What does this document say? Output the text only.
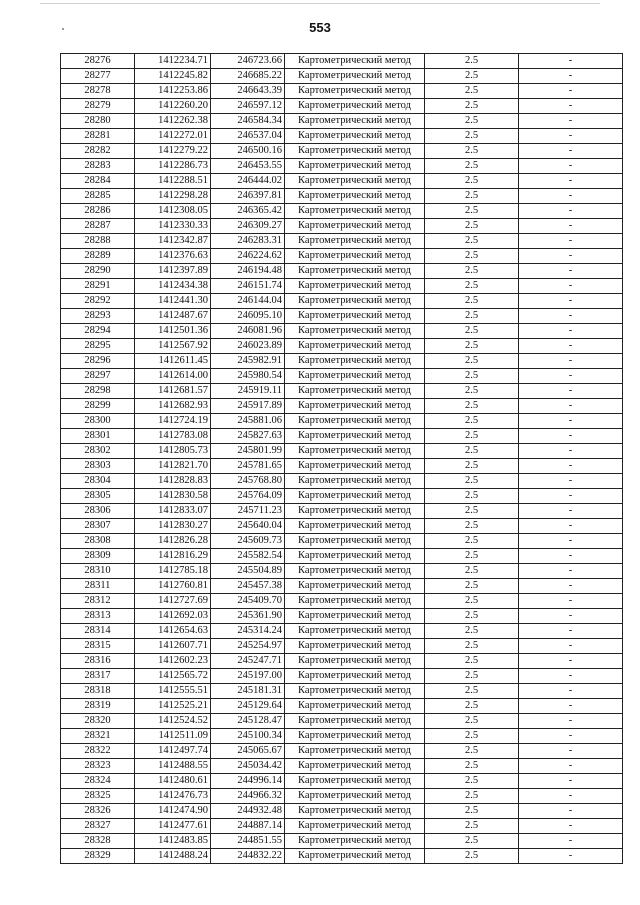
553
28276	1412234.71	246723.66	Картометрический метод	2.5	-
28277	1412245.82	246685.22	Картометрический метод	2.5	-
28278	1412253.86	246643.39	Картометрический метод	2.5	-
28279	1412260.20	246597.12	Картометрический метод	2.5	-
28280	1412262.38	246584.34	Картометрический метод	2.5	-
28281	1412272.01	246537.04	Картометрический метод	2.5	-
28282	1412279.22	246500.16	Картометрический метод	2.5	-
28283	1412286.73	246453.55	Картометрический метод	2.5	-
28284	1412288.51	246444.02	Картометрический метод	2.5	-
28285	1412298.28	246397.81	Картометрический метод	2.5	-
28286	1412308.05	246365.42	Картометрический метод	2.5	-
28287	1412330.33	246309.27	Картометрический метод	2.5	-
28288	1412342.87	246283.31	Картометрический метод	2.5	-
28289	1412376.63	246224.62	Картометрический метод	2.5	-
28290	1412397.89	246194.48	Картометрический метод	2.5	-
28291	1412434.38	246151.74	Картометрический метод	2.5	-
28292	1412441.30	246144.04	Картометрический метод	2.5	-
28293	1412487.67	246095.10	Картометрический метод	2.5	-
28294	1412501.36	246081.96	Картометрический метод	2.5	-
28295	1412567.92	246023.89	Картометрический метод	2.5	-
28296	1412611.45	245982.91	Картометрический метод	2.5	-
28297	1412614.00	245980.54	Картометрический метод	2.5	-
28298	1412681.57	245919.11	Картометрический метод	2.5	-
28299	1412682.93	245917.89	Картометрический метод	2.5	-
28300	1412724.19	245881.06	Картометрический метод	2.5	-
28301	1412783.08	245827.63	Картометрический метод	2.5	-
28302	1412805.73	245801.99	Картометрический метод	2.5	-
28303	1412821.70	245781.65	Картометрический метод	2.5	-
28304	1412828.83	245768.80	Картометрический метод	2.5	-
28305	1412830.58	245764.09	Картометрический метод	2.5	-
28306	1412833.07	245711.23	Картометрический метод	2.5	-
28307	1412830.27	245640.04	Картометрический метод	2.5	-
28308	1412826.28	245609.73	Картометрический метод	2.5	-
28309	1412816.29	245582.54	Картометрический метод	2.5	-
28310	1412785.18	245504.89	Картометрический метод	2.5	-
28311	1412760.81	245457.38	Картометрический метод	2.5	-
28312	1412727.69	245409.70	Картометрический метод	2.5	-
28313	1412692.03	245361.90	Картометрический метод	2.5	-
28314	1412654.63	245314.24	Картометрический метод	2.5	-
28315	1412607.71	245254.97	Картометрический метод	2.5	-
28316	1412602.23	245247.71	Картометрический метод	2.5	-
28317	1412565.72	245197.00	Картометрический метод	2.5	-
28318	1412555.51	245181.31	Картометрический метод	2.5	-
28319	1412525.21	245129.64	Картометрический метод	2.5	-
28320	1412524.52	245128.47	Картометрический метод	2.5	-
28321	1412511.09	245100.34	Картометрический метод	2.5	-
28322	1412497.74	245065.67	Картометрический метод	2.5	-
28323	1412488.55	245034.42	Картометрический метод	2.5	-
28324	1412480.61	244996.14	Картометрический метод	2.5	-
28325	1412476.73	244966.32	Картометрический метод	2.5	-
28326	1412474.90	244932.48	Картометрический метод	2.5	-
28327	1412477.61	244887.14	Картометрический метод	2.5	-
28328	1412483.85	244851.55	Картометрический метод	2.5	-
28329	1412488.24	244832.22	Картометрический метод	2.5	-
